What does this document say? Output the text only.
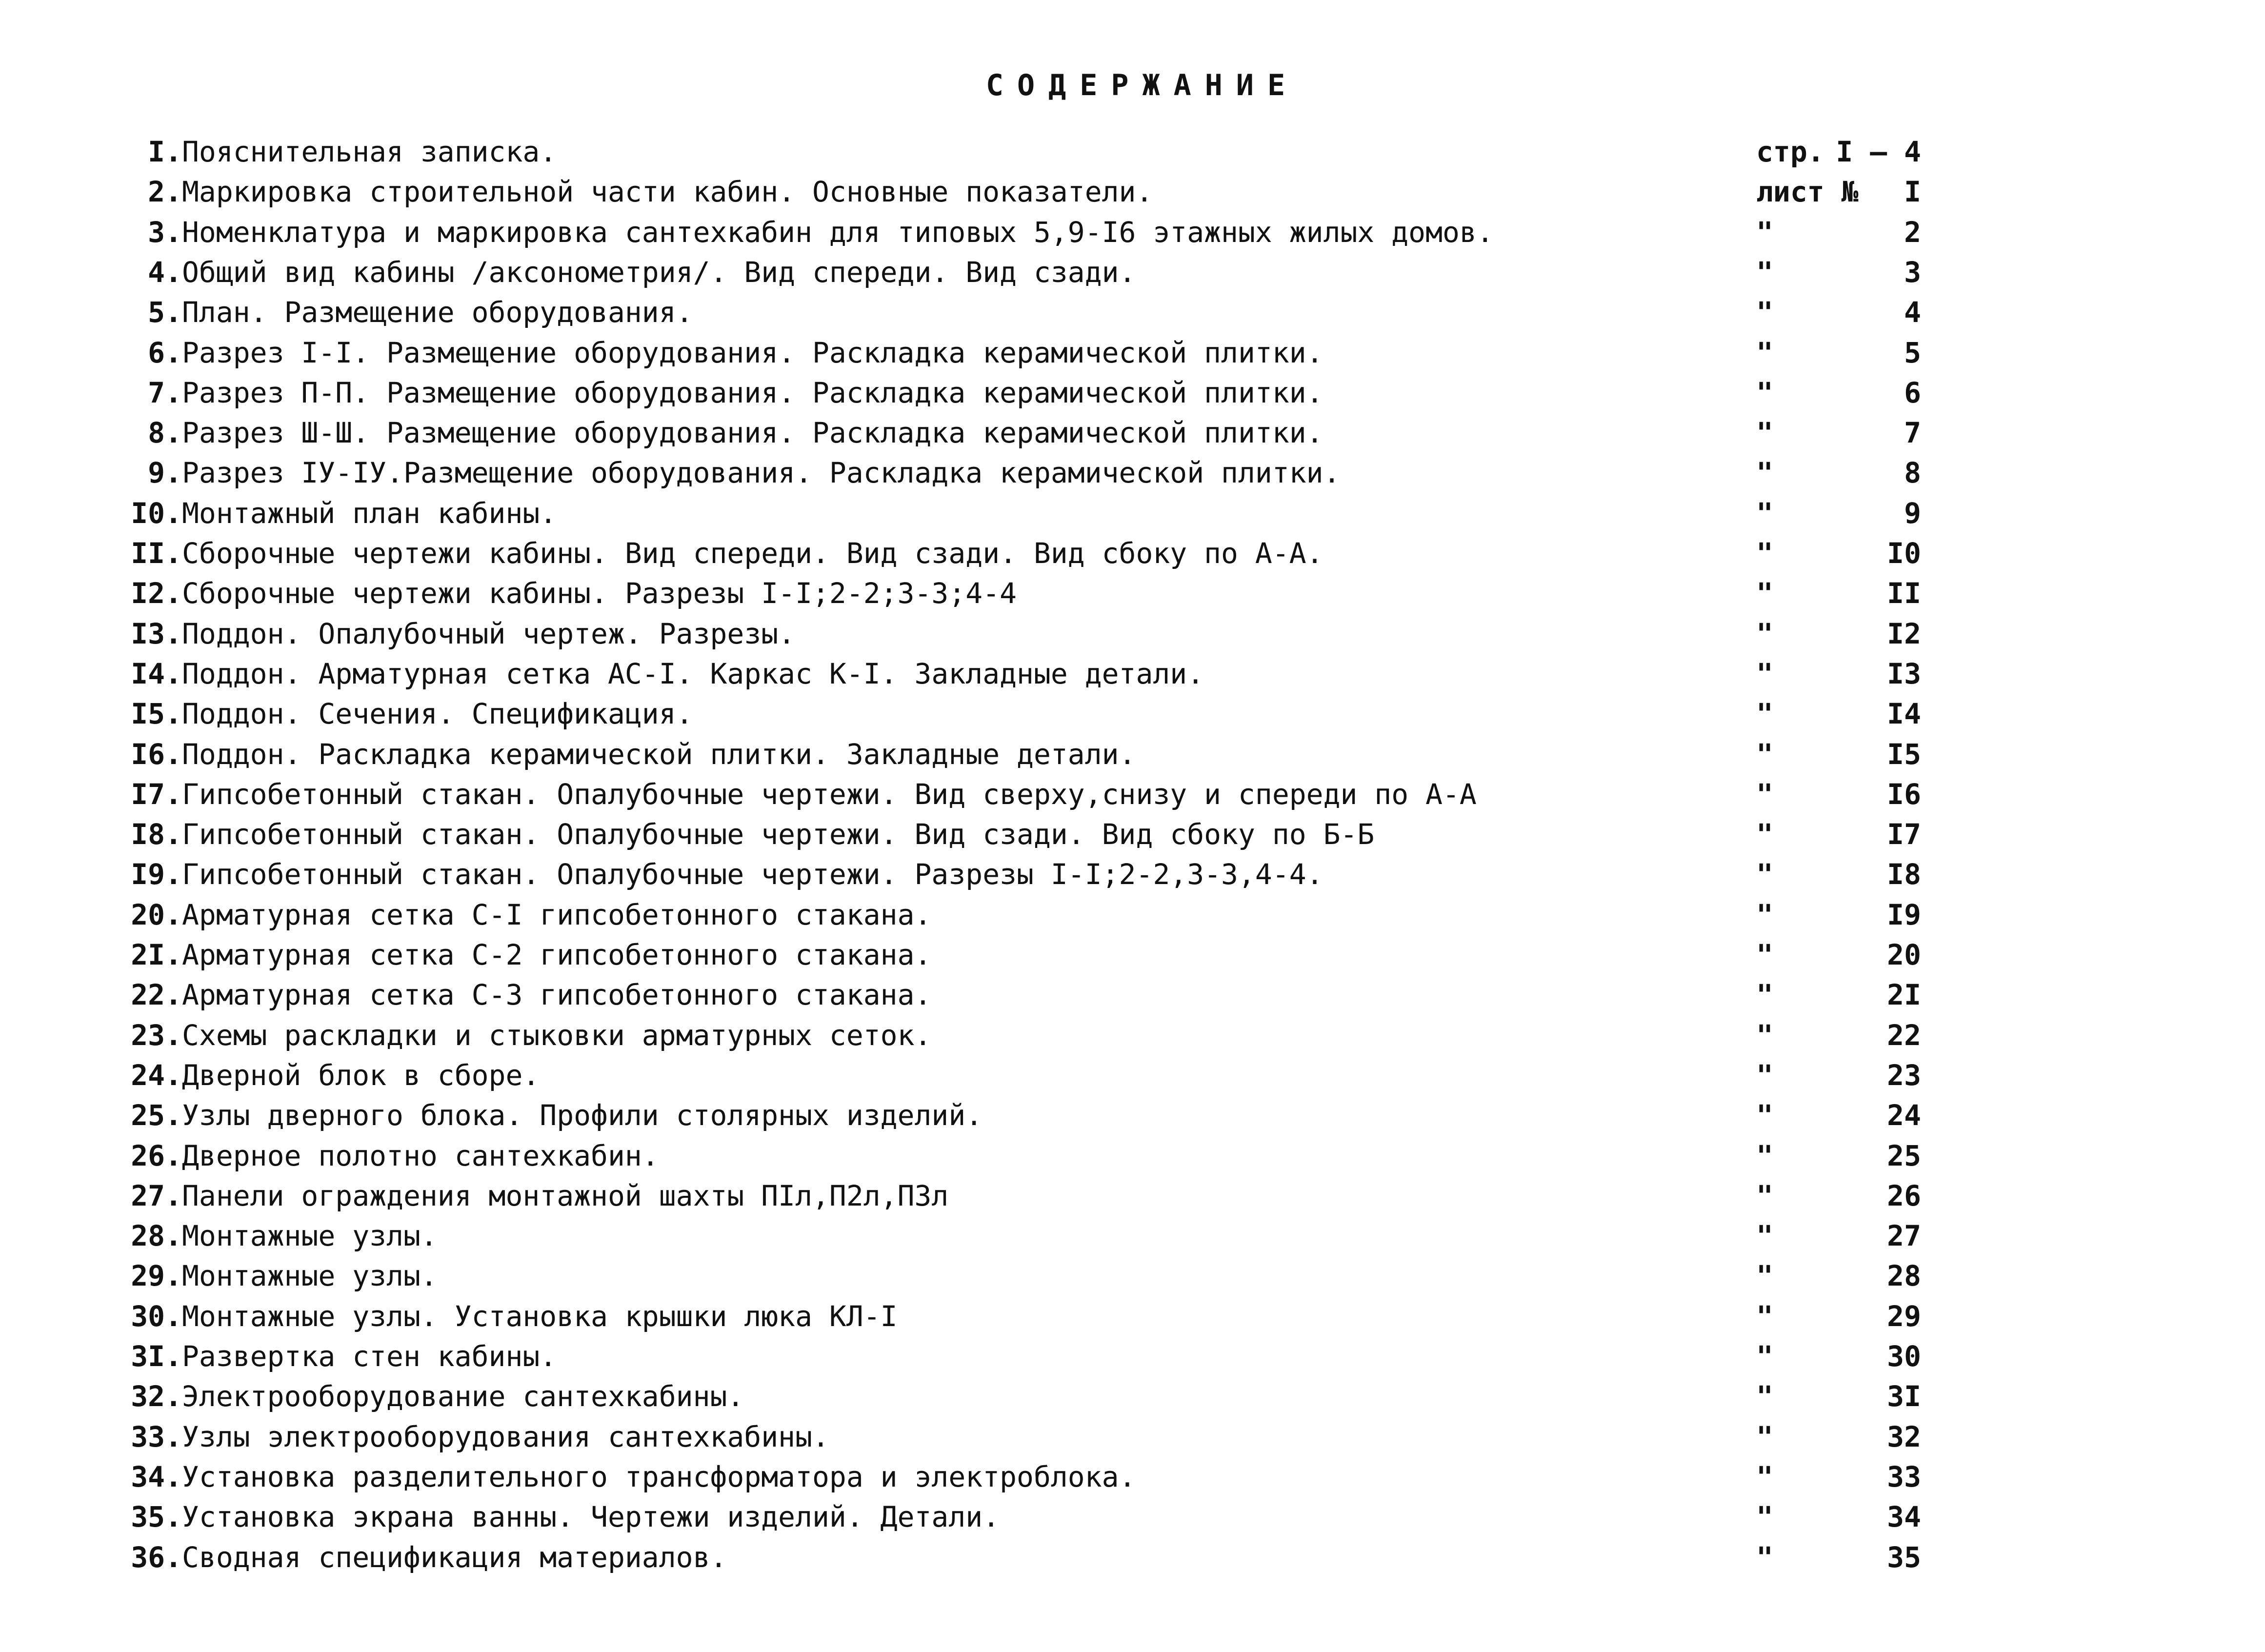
СОДЕРЖАНИЕ
I. Пояснительная записка.	стр. I – 4
2. Маркировка строительной части кабин. Основные показатели.	лист № I
3. Номенклатура и маркировка сантехкабин для типовых 5,9-I6 этажных жилых домов.	"	2
4. Общий вид кабины /аксонометрия/. Вид спереди. Вид сзади.	"	3
5. План. Размещение оборудования.	"	4
6. Разрез I-I. Размещение оборудования. Раскладка керамической плитки.	"	5
7. Разрез П-П. Размещение оборудования. Раскладка керамической плитки.	"	6
8. Разрез Ш-Ш. Размещение оборудования. Раскладка керамической плитки.	"	7
9. Разрез IУ-IУ.Размещение оборудования. Раскладка керамической плитки.	"	8
I0. Монтажный план кабины.	"	9
II. Сборочные чертежи кабины. Вид спереди. Вид сзади. Вид сбоку по А-А.	"	I0
I2. Сборочные чертежи кабины. Разрезы I-I;2-2;3-3;4-4	"	II
I3. Поддон. Опалубочный чертеж. Разрезы.	"	I2
I4. Поддон. Арматурная сетка АС-I. Каркас К-I. Закладные детали.	"	I3
I5. Поддон. Сечения. Спецификация.	"	I4
I6. Поддон. Раскладка керамической плитки. Закладные детали.	"	I5
I7. Гипсобетонный стакан. Опалубочные чертежи. Вид сверху,снизу и спереди по А-А	"	I6
I8. Гипсобетонный стакан. Опалубочные чертежи. Вид сзади. Вид сбоку по Б-Б	"	I7
I9. Гипсобетонный стакан. Опалубочные чертежи. Разрезы I-I;2-2,3-3,4-4.	"	I8
20. Арматурная сетка С-I гипсобетонного стакана.	"	I9
2I. Арматурная сетка С-2 гипсобетонного стакана.	"	20
22. Арматурная сетка С-3 гипсобетонного стакана.	"	2I
23. Схемы раскладки и стыковки арматурных сеток.	"	22
24. Дверной блок в сборе.	"	23
25. Узлы дверного блока. Профили столярных изделий.	"	24
26. Дверное полотно сантехкабин.	"	25
27. Панели ограждения монтажной шахты ПIл,П2л,П3л	"	26
28. Монтажные узлы.	"	27
29. Монтажные узлы.	"	28
30. Монтажные узлы. Установка крышки люка КЛ-I	"	29
3I. Развертка стен кабины.	"	30
32. Электрооборудование сантехкабины.	"	3I
33. Узлы электрооборудования сантехкабины.	"	32
34. Установка разделительного трансформатора и электроблока.	"	33
35. Установка экрана ванны. Чертежи изделий. Детали.	"	34
36. Сводная спецификация материалов.	"	35
